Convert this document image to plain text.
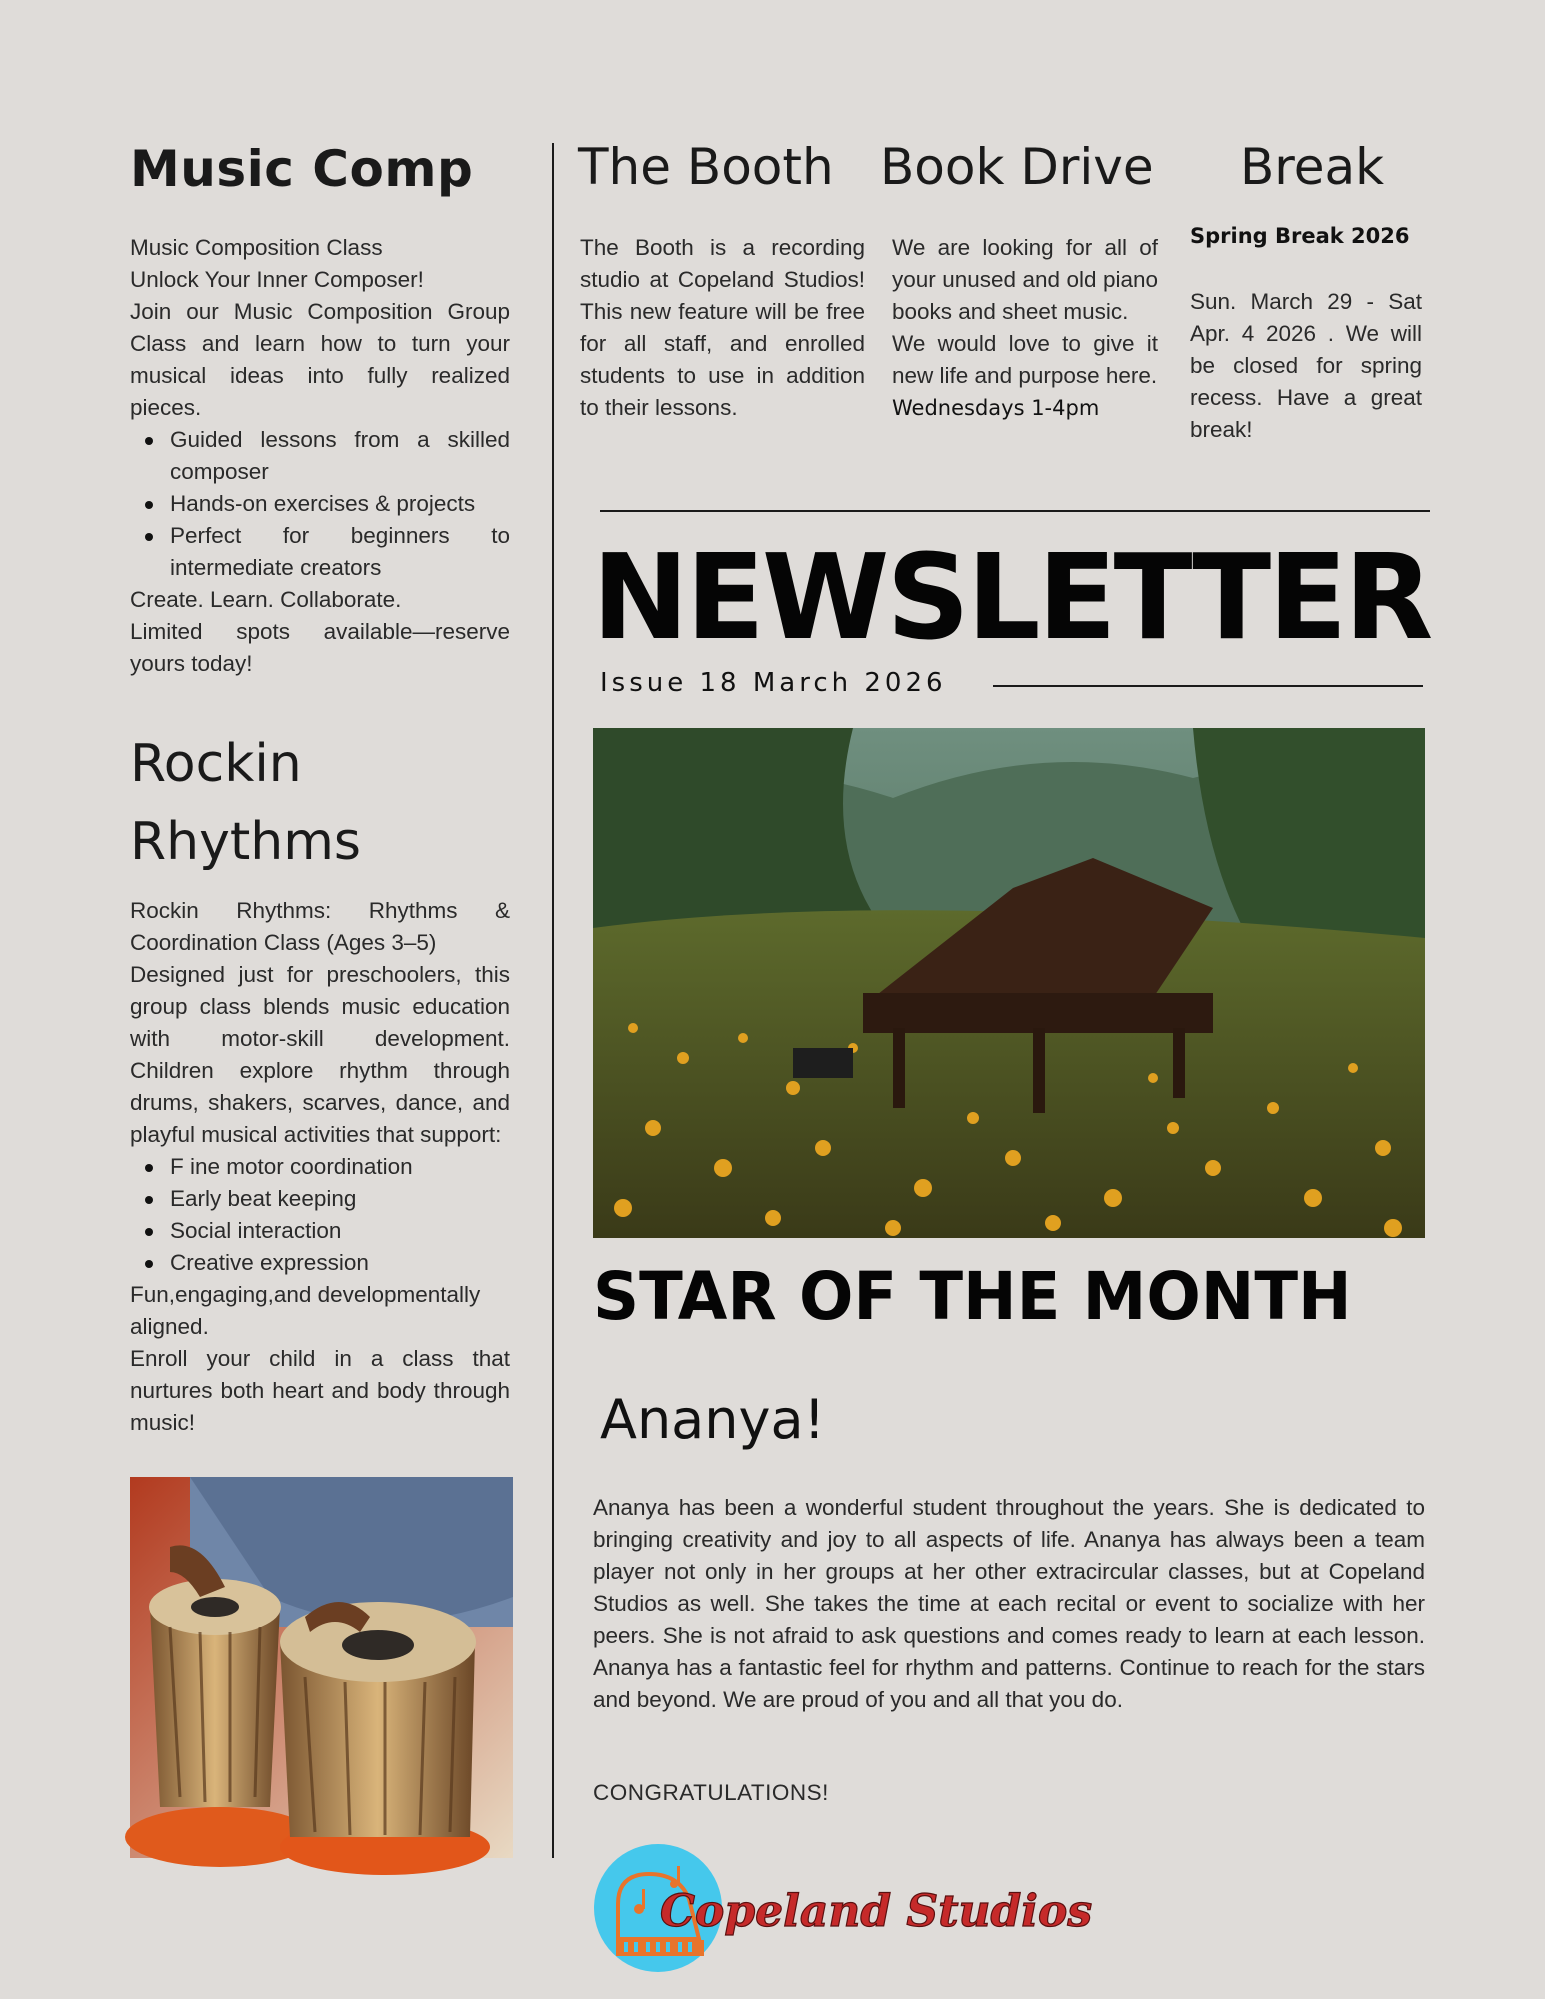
Music Comp
Music Composition Class
Unlock Your Inner Composer!
Join our Music Composition Group Class and learn how to turn your musical ideas into fully realized pieces.
Guided lessons from a skilled composer
Hands-on exercises & projects
Perfect for beginners to intermediate creators
Create. Learn. Collaborate.
Limited spots available—reserve yours today!
Rockin
Rhythms
Rockin Rhythms: Rhythms & Coordination Class (Ages 3–5)
Designed just for preschoolers, this group class blends music education with motor-skill development. Children explore rhythm through drums, shakers, scarves, dance, and playful musical activities that support:
F ine motor coordination
Early beat keeping
Social interaction
Creative expression
Fun,engaging,and developmentally aligned.
Enroll your child in a class that nurtures both heart and body through music!
The Booth
The Booth is a recording studio at Copeland Studios! This new feature will be free for all staff, and enrolled students to use in addition to their lessons.
Book Drive
We are looking for all of your unused and old piano books and sheet music.
We would love to give it new life and purpose here.
Wednesdays 1-4pm
Break
Spring Break 2026
Sun. March 29 - Sat Apr. 4 2026 . We will be closed for spring recess. Have a great break!
NEWSLETTER
Issue 18 March 2026
STAR OF THE MONTH
Ananya!
Ananya has been a wonderful student throughout the years. She is dedicated to bringing creativity and joy to all aspects of life. Ananya has always been a team player not only in her groups at her other extracircular classes, but at Copeland Studios as well. She takes the time at each recital or event to socialize with her peers. She is not afraid to ask questions and comes ready to learn at each lesson. Ananya has a fantastic feel for rhythm and patterns. Continue to reach for the stars and beyond. We are proud of you and all that you do.
CONGRATULATIONS!
Copeland Studios
